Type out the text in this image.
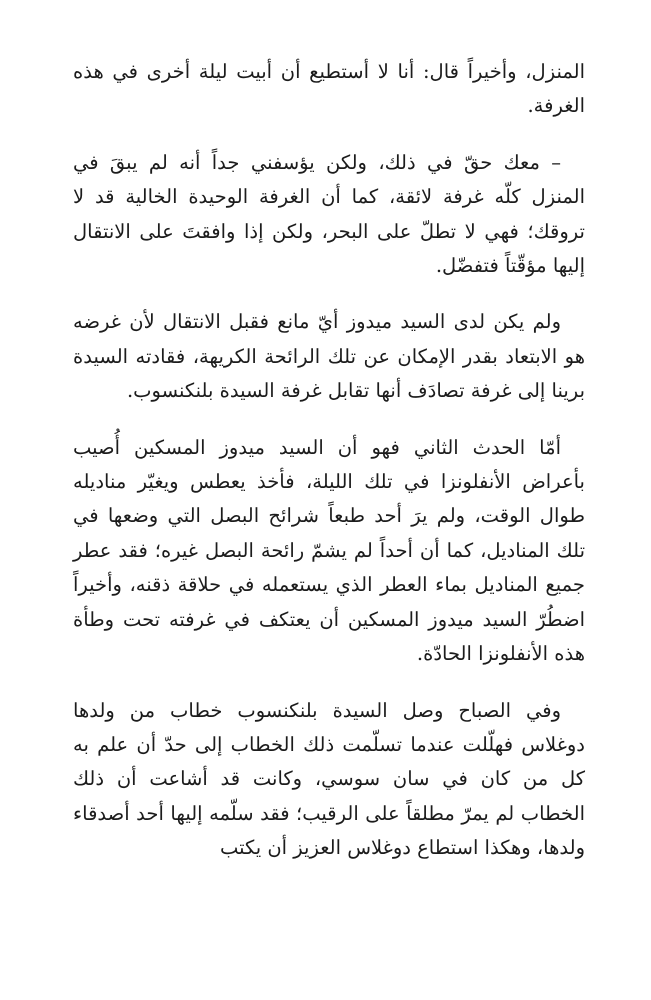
المنزل، وأخيراً قال: أنا لا أستطيع أن أبيت ليلة أخرى في هذه الغرفة.

– معك حقّ في ذلك، ولكن يؤسفني جداً أنه لم يبقَ في المنزل كلّه غرفة لائقة، كما أن الغرفة الوحيدة الخالية قد لا تروقك؛ فهي لا تطلّ على البحر، ولكن إذا وافقتَ على الانتقال إليها مؤقّتاً فتفضّل.

ولم يكن لدى السيد ميدوز أيّ مانع فقبل الانتقال لأن غرضه هو الابتعاد بقدر الإمكان عن تلك الرائحة الكريهة، فقادته السيدة برينا إلى غرفة تصادَف أنها تقابل غرفة السيدة بلنكنسوب.

أمّا الحدث الثاني فهو أن السيد ميدوز المسكين أُصيب بأعراض الأنفلونزا في تلك الليلة، فأخذ يعطس ويغيّر مناديله طوال الوقت، ولم يرَ أحد طبعاً شرائح البصل التي وضعها في تلك المناديل، كما أن أحداً لم يشمّ رائحة البصل غيره؛ فقد عطر جميع المناديل بماء العطر الذي يستعمله في حلاقة ذقنه، وأخيراً اضطُرّ السيد ميدوز المسكين أن يعتكف في غرفته تحت وطأة هذه الأنفلونزا الحادّة.

وفي الصباح وصل السيدة بلنكنسوب خطاب من ولدها دوغلاس فهلّلت عندما تسلّمت ذلك الخطاب إلى حدّ أن علم به كل من كان في سان سوسي، وكانت قد أشاعت أن ذلك الخطاب لم يمرّ مطلقاً على الرقيب؛ فقد سلّمه إليها أحد أصدقاء ولدها، وهكذا استطاع دوغلاس العزيز أن يكتب
